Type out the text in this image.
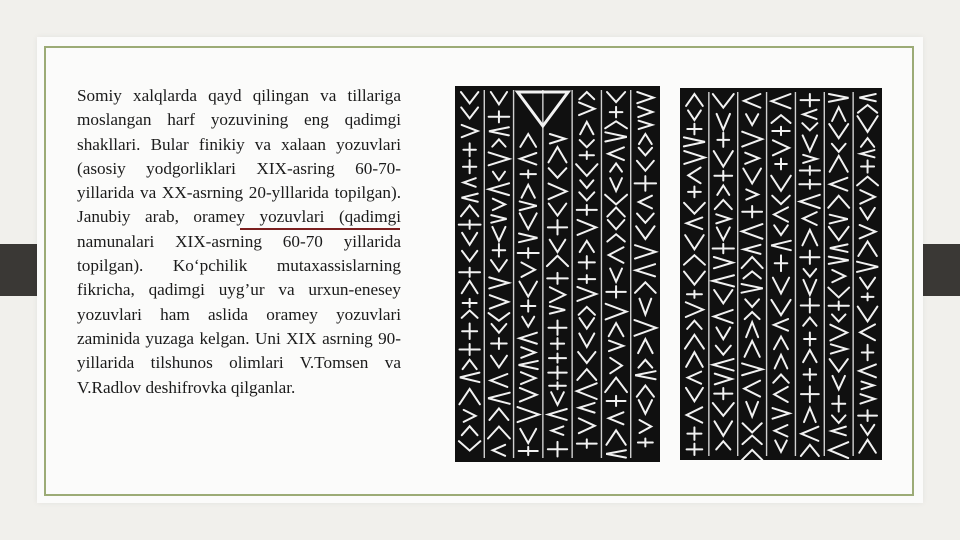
Somiy xalqlarda qayd qilingan va tillariga moslangan harf yozuvining eng qadimgi shakllari. Bular finikiy va xalaan yozuvlari (asosiy yodgorliklari XIX-asring 60-70-yillarida va XX-asrning 20-ylllarida topilgan). Janubiy arab, oramey yozuvlari (qadimgi namunalari XIX-asrning 60-70 yillarida topilgan). Ko‘pchilik mutaxassislarning fikricha, qadimgi uyg’ur va urxun-enesey yozuvlari ham aslida oramey yozuvlari zaminida yuzaga kelgan. Uni XIX asrning 90-yillarida tilshunos olimlari V.Tomsen va V.Radlov deshifrovka qilganlar.
